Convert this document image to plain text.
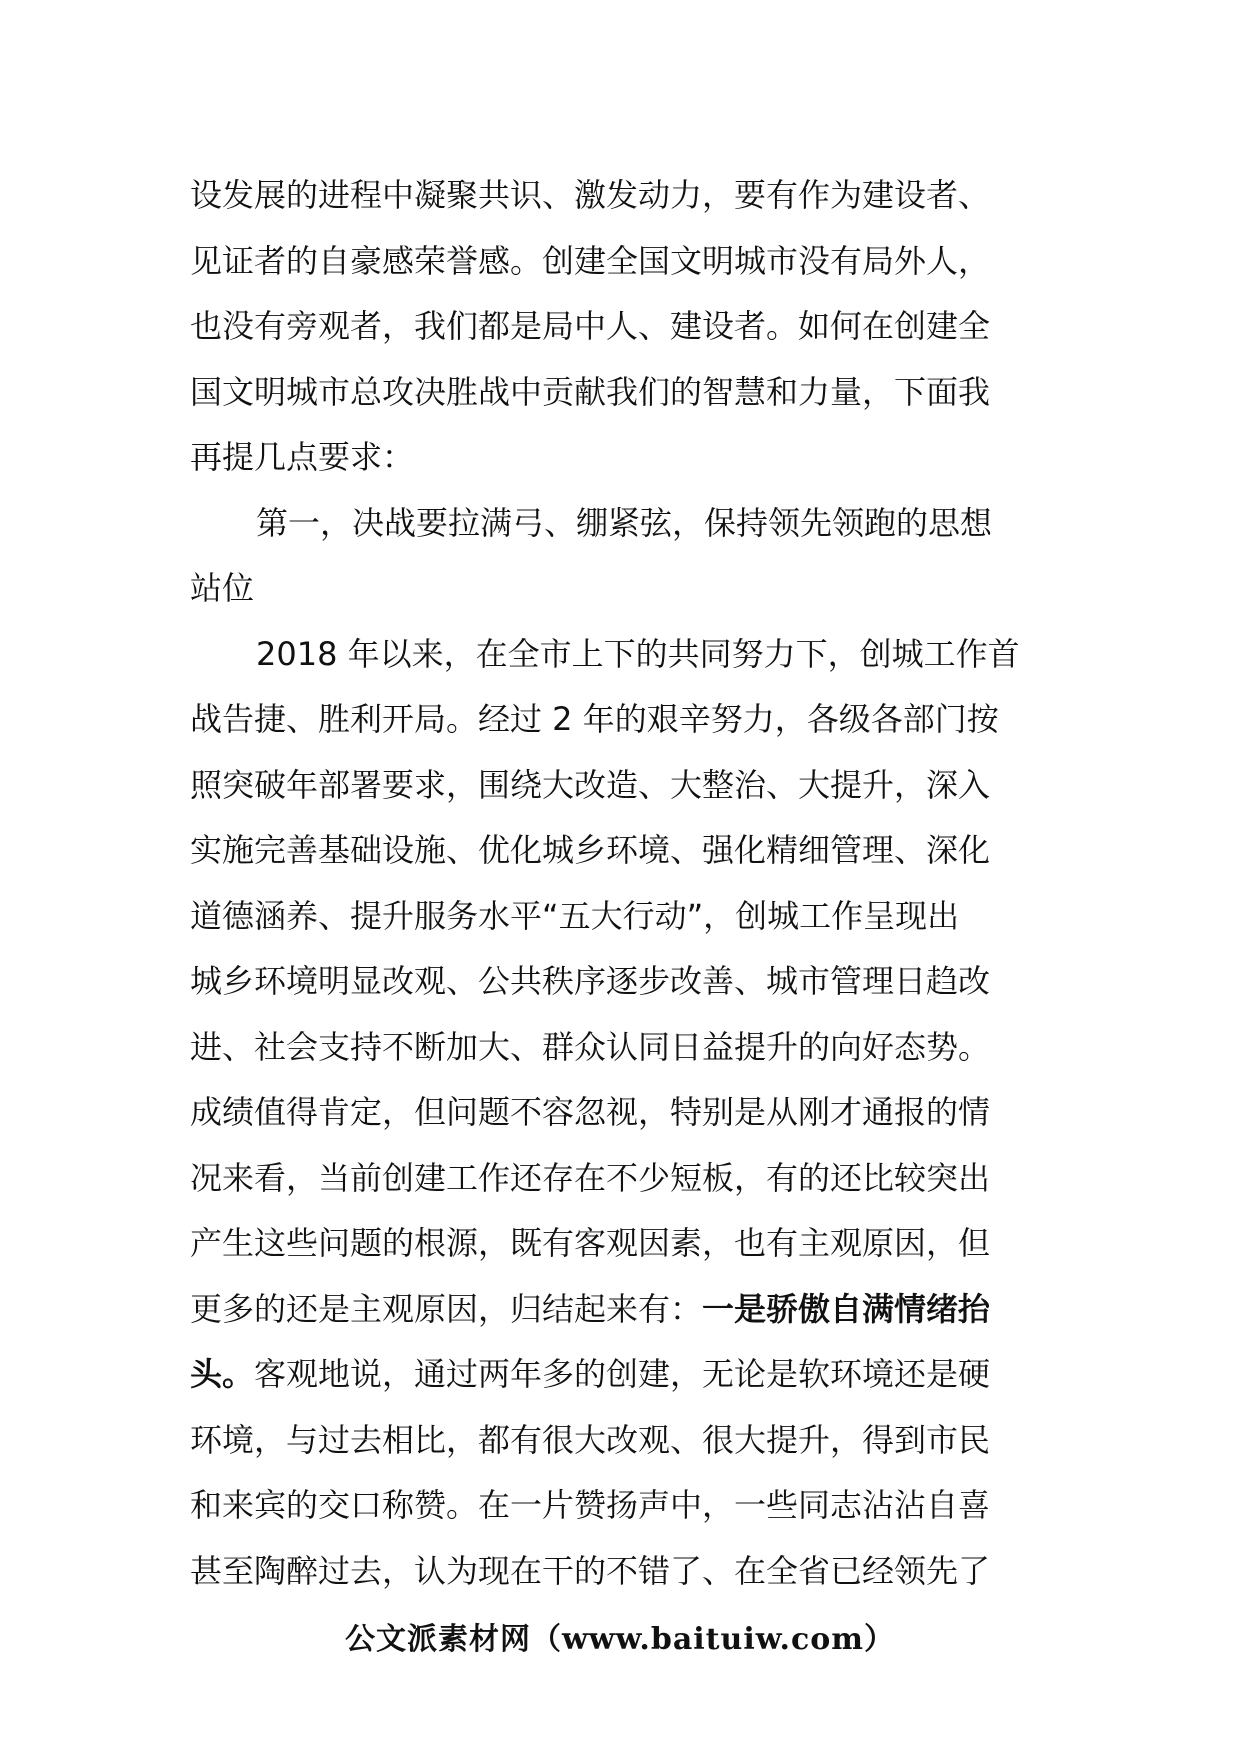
设发展的进程中凝聚共识、激发动力，要有作为建设者、
见证者的自豪感荣誉感。创建全国文明城市没有局外人，
也没有旁观者，我们都是局中人、建设者。如何在创建全
国文明城市总攻决胜战中贡献我们的智慧和力量，下面我
再提几点要求：
第一，决战要拉满弓、绷紧弦，保持领先领跑的思想
站位
2018 年以来，在全市上下的共同努力下，创城工作首
战告捷、胜利开局。经过 2 年的艰辛努力，各级各部门按
照突破年部署要求，围绕大改造、大整治、大提升，深入
实施完善基础设施、优化城乡环境、强化精细管理、深化
道德涵养、提升服务水平“五大行动”，创城工作呈现出
城乡环境明显改观、公共秩序逐步改善、城市管理日趋改
进、社会支持不断加大、群众认同日益提升的向好态势。
成绩值得肯定，但问题不容忽视，特别是从刚才通报的情
况来看，当前创建工作还存在不少短板，有的还比较突出
产生这些问题的根源，既有客观因素，也有主观原因，但
更多的还是主观原因，归结起来有：一是骄傲自满情绪抬
头。客观地说，通过两年多的创建，无论是软环境还是硬
环境，与过去相比，都有很大改观、很大提升，得到市民
和来宾的交口称赞。在一片赞扬声中，一些同志沾沾自喜
甚至陶醉过去，认为现在干的不错了、在全省已经领先了
公文派素材网（www.baituiw.com）
